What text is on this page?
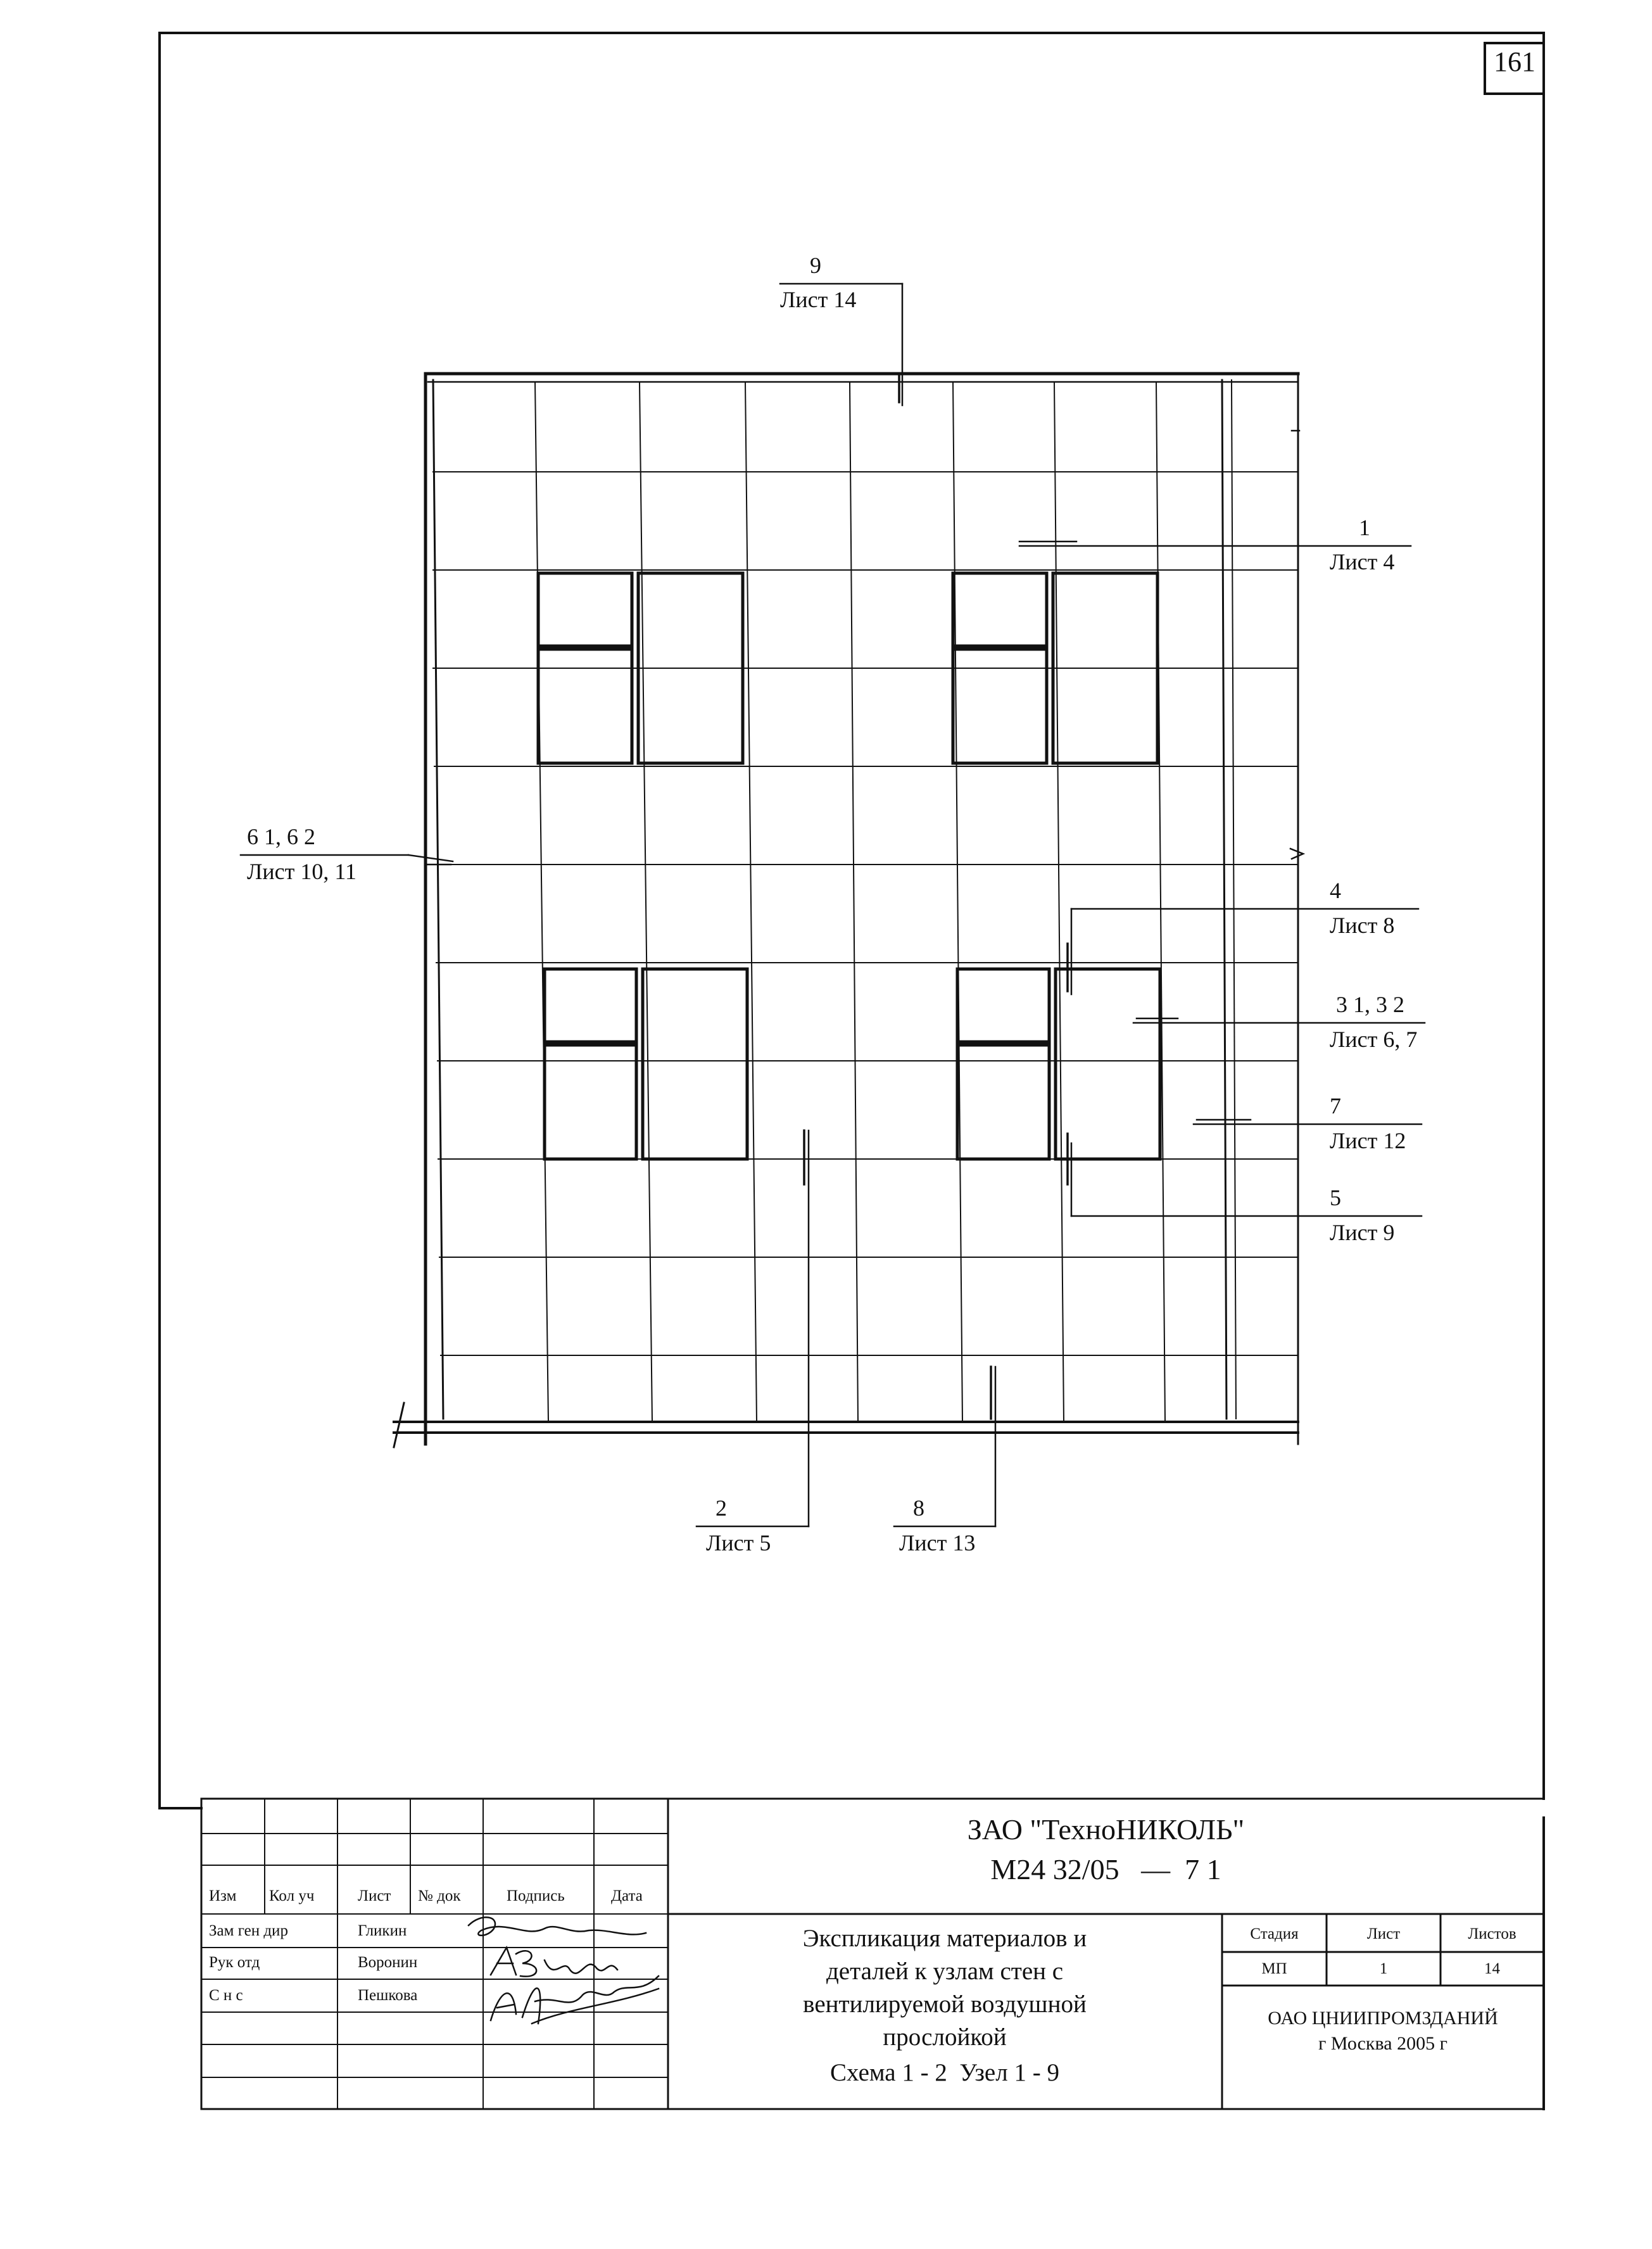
161
9
Лист 14
1
Лист 4
6 1, 6 2
Лист 10, 11
4
Лист 8
3 1, 3 2
Лист 6, 7
7
Лист 12
5
Лист 9
2
Лист 5
8
Лист 13
ЗАО "ТехноНИКОЛЬ"
М24 32/05   —  7 1
Изм Кол уч	Лист № док	Подпись	Дата
Зам ген дир	Гликин
Рук отд	Воронин
С н с	Пешкова
Экспликация материалов и
деталей к узлам стен с
вентилируемой воздушной
прослойкой
Схема 1 - 2  Узел 1 - 9
Стадия	Лист	Листов
МП	1	14
ОАО ЦНИИПРОМЗДАНИЙ
г Москва 2005 г
